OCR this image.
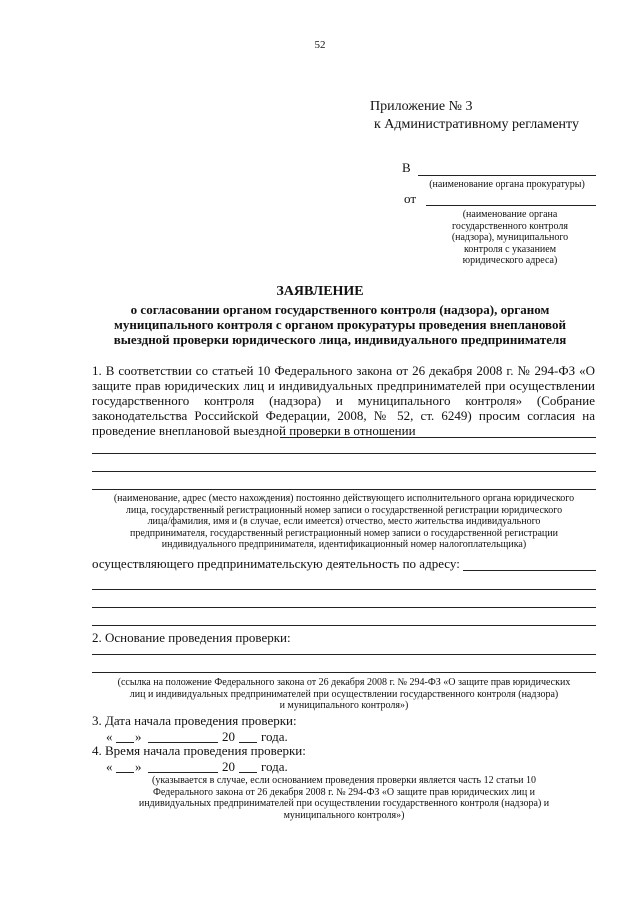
52
Приложение № 3
к Административному регламенту
В
(наименование органа прокуратуры)
от
(наименование органа
государственного контроля
(надзора), муниципального
контроля с указанием
юридического адреса)
ЗАЯВЛЕНИЕ
о согласовании органом государственного контроля (надзора), органом
муниципального контроля с органом прокуратуры проведения внеплановой
выездной проверки юридического лица, индивидуального предпринимателя
1. В соответствии со статьей 10 Федерального закона от 26 декабря 2008 г. № 294-ФЗ «О защите прав юридических лиц и индивидуальных предпринимателей при осуществлении государственного контроля (надзора) и муниципального контроля» (Собрание законодательства Российской Федерации, 2008, № 52, ст. 6249) просим согласия на проведение внеплановой выездной проверки в отношении
(наименование, адрес (место нахождения) постоянно действующего исполнительного органа юридического
лица, государственный регистрационный номер записи о государственной регистрации юридического
лица/фамилия, имя и (в случае, если имеется) отчество, место жительства индивидуального
предпринимателя, государственный регистрационный номер записи о государственной регистрации
индивидуального предпринимателя, идентификационный номер налогоплательщика)
осуществляющего предпринимательскую деятельность по адресу:
2. Основание проведения проверки:
(ссылка на положение Федерального закона от 26 декабря 2008 г. № 294-ФЗ «О защите прав юридических
лиц и индивидуальных предпринимателей при осуществлении государственного контроля (надзора)
и муниципального контроля»)
3. Дата начала проведения проверки:
« »	20 года.
4. Время начала проведения проверки:
« »	20 года.
(указывается в случае, если основанием проведения проверки является часть 12 статьи 10
Федерального закона от 26 декабря 2008 г. № 294-ФЗ «О защите прав юридических лиц и
индивидуальных предпринимателей при осуществлении государственного контроля (надзора) и
муниципального контроля»)
